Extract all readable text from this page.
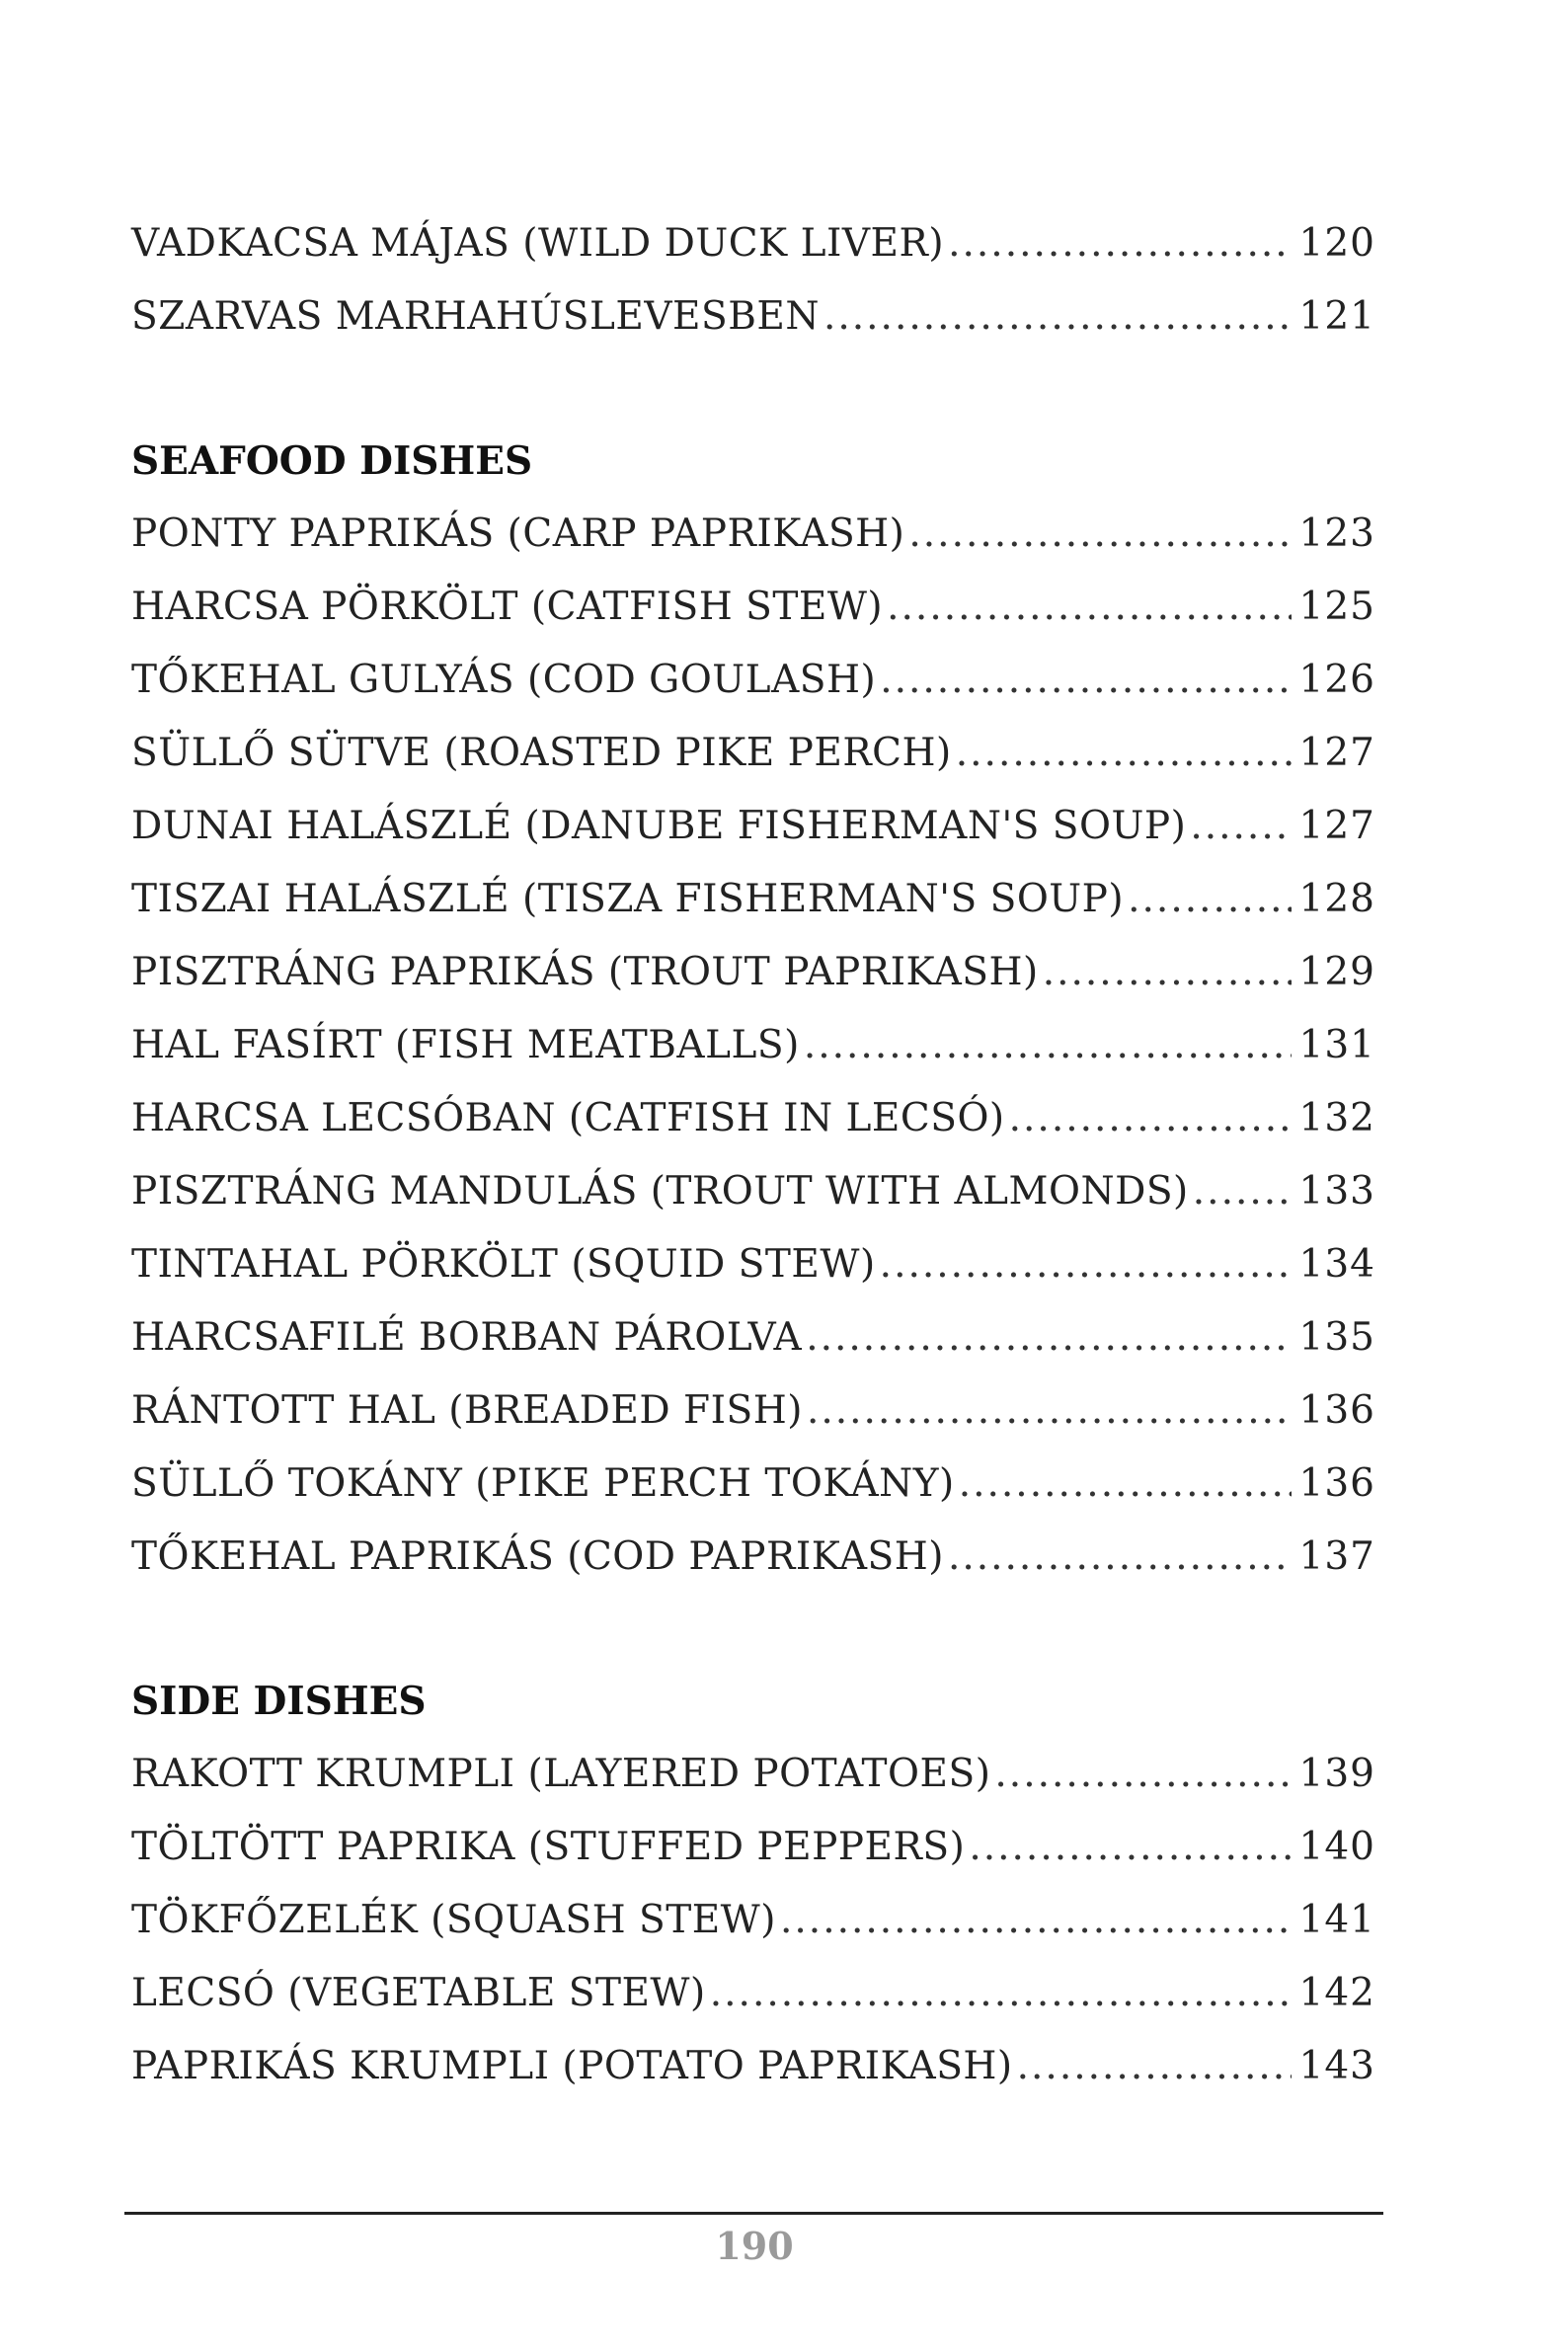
VADKACSA MÁJAS (WILD DUCK LIVER) .....	120
SZARVAS MARHAHÚSLEVESBEN .....	121
SEAFOOD DISHES
PONTY PAPRIKÁS (CARP PAPRIKASH) .....	123
HARCSA PÖRKÖLT (CATFISH STEW) .....	125
TŐKEHAL GULYÁS (COD GOULASH) .....	126
SÜLLŐ SÜTVE (ROASTED PIKE PERCH) .....	127
DUNAI HALÁSZLÉ (DANUBE FISHERMAN'S SOUP) .....	127
TISZAI HALÁSZLÉ (TISZA FISHERMAN'S SOUP) .....	128
PISZTRÁNG PAPRIKÁS (TROUT PAPRIKASH) .....	129
HAL FASÍRT (FISH MEATBALLS) .....	131
HARCSA LECSÓBAN (CATFISH IN LECSÓ) .....	132
PISZTRÁNG MANDULÁS (TROUT WITH ALMONDS) .....	133
TINTAHAL PÖRKÖLT (SQUID STEW) .....	134
HARCSAFILÉ BORBAN PÁROLVA .....	135
RÁNTOTT HAL (BREADED FISH) .....	136
SÜLLŐ TOKÁNY (PIKE PERCH TOKÁNY) .....	136
TŐKEHAL PAPRIKÁS (COD PAPRIKASH) .....	137
SIDE DISHES
RAKOTT KRUMPLI (LAYERED POTATOES) .....	139
TÖLTÖTT PAPRIKA (STUFFED PEPPERS) .....	140
TÖKFŐZELÉK (SQUASH STEW) .....	141
LECSÓ (VEGETABLE STEW) .....	142
PAPRIKÁS KRUMPLI (POTATO PAPRIKASH) .....	143
190
